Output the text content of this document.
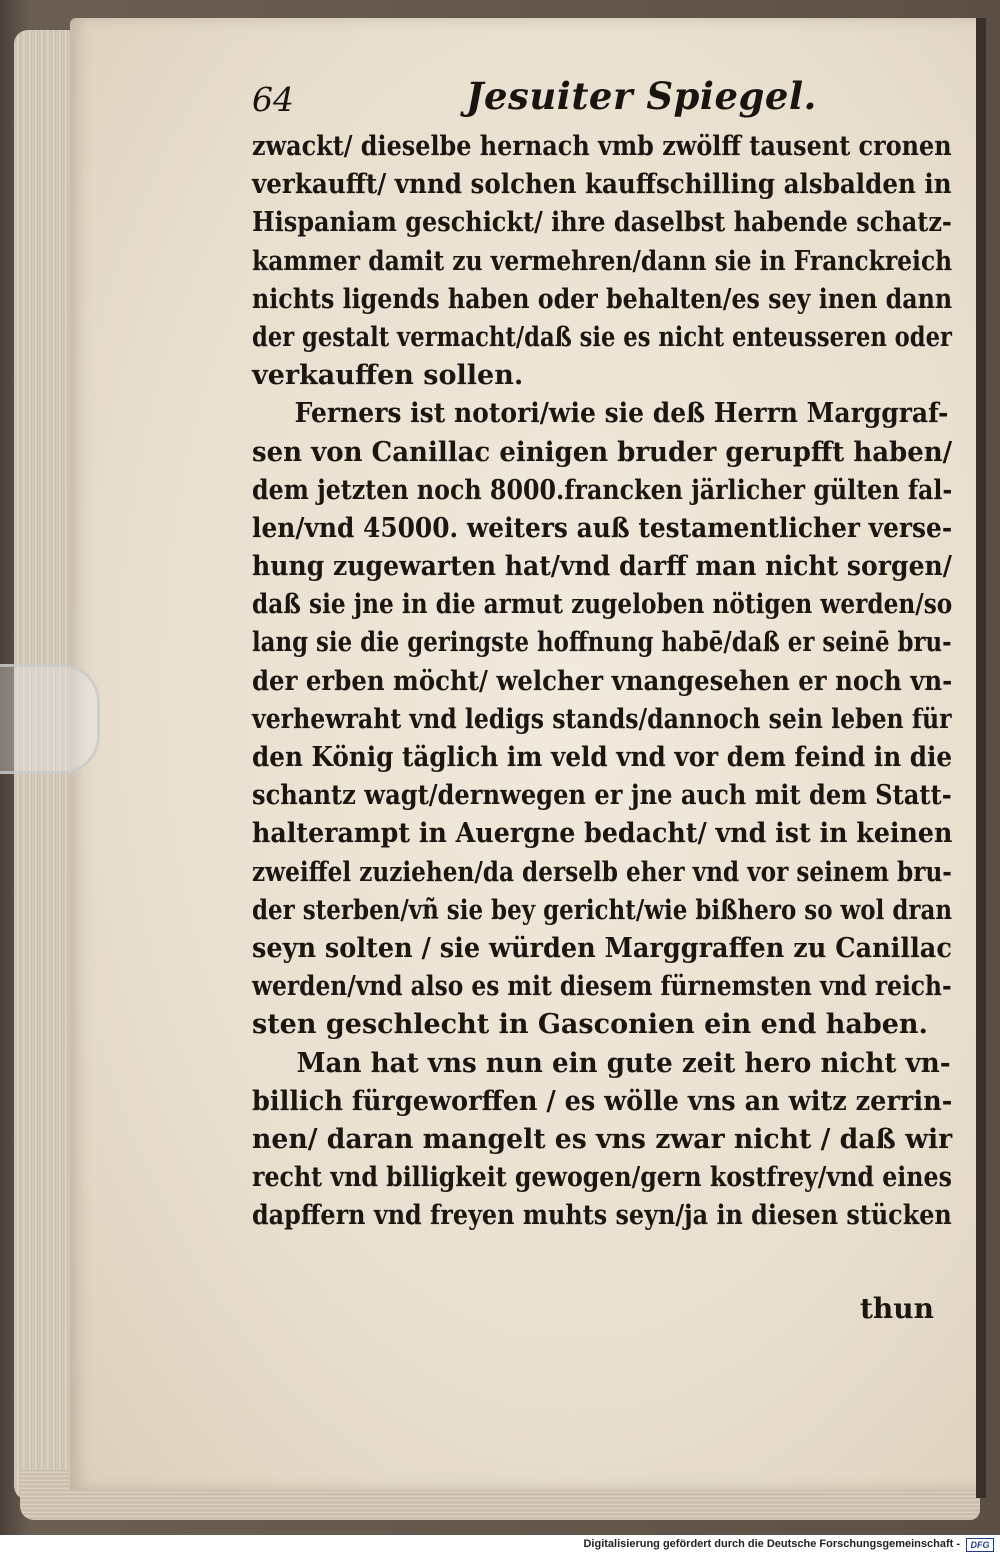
64	Jesuiter Spiegel.
zwackt/ dieselbe hernach vmb zwölff tausent cronen
verkaufft/ vnnd solchen kauffschilling alsbalden in
Hispaniam geschickt/ ihre daselbst habende schatz-
kammer damit zu vermehren/dann sie in Franckreich
nichts ligends haben oder behalten/es sey inen dann
der gestalt vermacht/daß sie es nicht enteusseren oder
verkauffen sollen.
Ferners ist notori/wie sie deß Herrn Marggraf-
sen von Canillac einigen bruder gerupfft haben/
dem jetzten noch 8000.francken järlicher gülten fal-
len/vnd 45000. weiters auß testamentlicher verse-
hung zugewarten hat/vnd darff man nicht sorgen/
daß sie jne in die armut zugeloben nötigen werden/so
lang sie die geringste hoffnung habē/daß er seinē bru-
der erben möcht/ welcher vnangesehen er noch vn-
verhewraht vnd ledigs stands/dannoch sein leben für
den König täglich im veld vnd vor dem feind in die
schantz wagt/dernwegen er jne auch mit dem Statt-
halterampt in Auergne bedacht/ vnd ist in keinen
zweiffel zuziehen/da derselb eher vnd vor seinem bru-
der sterben/vñ sie bey gericht/wie bißhero so wol dran
seyn solten / sie würden Marggraffen zu Canillac
werden/vnd also es mit diesem fürnemsten vnd reich-
sten geschlecht in Gasconien ein end haben.
Man hat vns nun ein gute zeit hero nicht vn-
billich fürgeworffen / es wölle vns an witz zerrin-
nen/ daran mangelt es vns zwar nicht / daß wir
recht vnd billigkeit gewogen/gern kostfrey/vnd eines
dapffern vnd freyen muhts seyn/ja in diesen stücken
thun
Digitalisierung gefördert durch die Deutsche Forschungsgemeinschaft -	DFG
